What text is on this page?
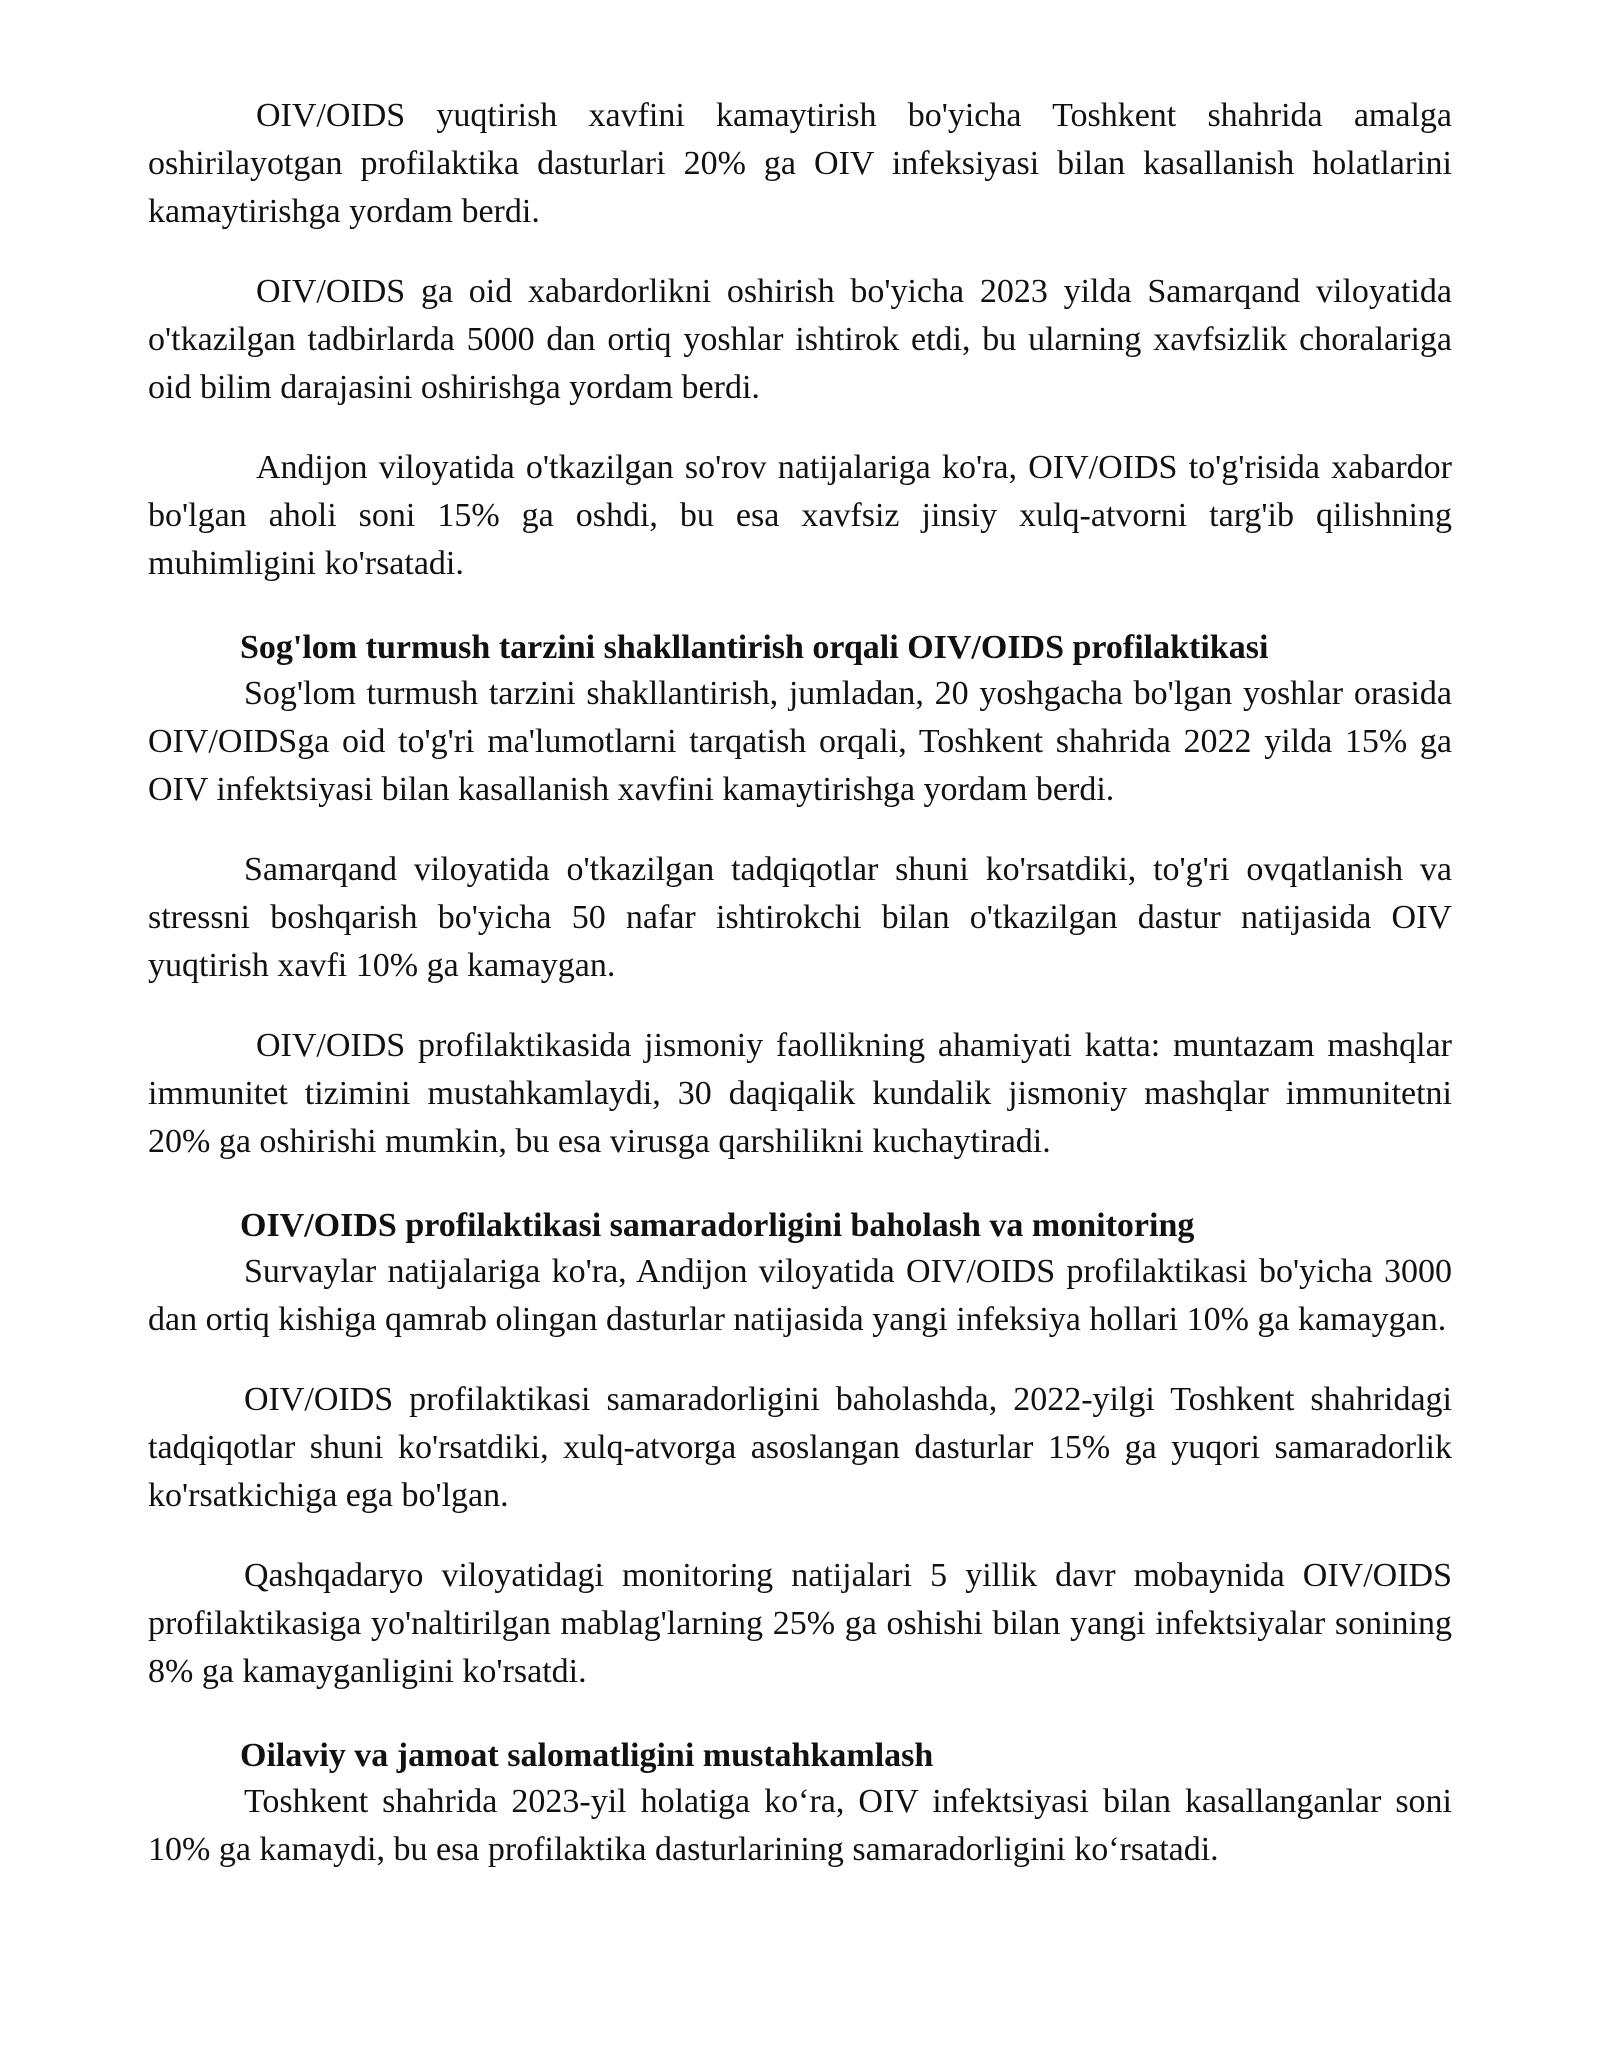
OIV/OIDS yuqtirish xavfini kamaytirish bo'yicha Toshkent shahrida amalga oshirilayotgan profilaktika dasturlari 20% ga OIV infeksiyasi bilan kasallanish holatlarini kamaytirishga yordam berdi.

OIV/OIDS ga oid xabardorlikni oshirish bo'yicha 2023 yilda Samarqand viloyatida o'tkazilgan tadbirlarda 5000 dan ortiq yoshlar ishtirok etdi, bu ularning xavfsizlik choralariga oid bilim darajasini oshirishga yordam berdi.

Andijon viloyatida o'tkazilgan so'rov natijalariga ko'ra, OIV/OIDS to'g'risida xabardor bo'lgan aholi soni 15% ga oshdi, bu esa xavfsiz jinsiy xulq-atvorni targ'ib qilishning muhimligini ko'rsatadi.

Sog'lom turmush tarzini shakllantirish orqali OIV/OIDS profilaktikasi

Sog'lom turmush tarzini shakllantirish, jumladan, 20 yoshgacha bo'lgan yoshlar orasida OIV/OIDSga oid to'g'ri ma'lumotlarni tarqatish orqali, Toshkent shahrida 2022 yilda 15% ga OIV infektsiyasi bilan kasallanish xavfini kamaytirishga yordam berdi.

Samarqand viloyatida o'tkazilgan tadqiqotlar shuni ko'rsatdiki, to'g'ri ovqatlanish va stressni boshqarish bo'yicha 50 nafar ishtirokchi bilan o'tkazilgan dastur natijasida OIV yuqtirish xavfi 10% ga kamaygan.

OIV/OIDS profilaktikasida jismoniy faollikning ahamiyati katta: muntazam mashqlar immunitet tizimini mustahkamlaydi, 30 daqiqalik kundalik jismoniy mashqlar immunitetni 20% ga oshirishi mumkin, bu esa virusga qarshilikni kuchaytiradi.

OIV/OIDS profilaktikasi samaradorligini baholash va monitoring

Survaylar natijalariga ko'ra, Andijon viloyatida OIV/OIDS profilaktikasi bo'yicha 3000 dan ortiq kishiga qamrab olingan dasturlar natijasida yangi infeksiya hollari 10% ga kamaygan.

OIV/OIDS profilaktikasi samaradorligini baholashda, 2022-yilgi Toshkent shahridagi tadqiqotlar shuni ko'rsatdiki, xulq-atvorga asoslangan dasturlar 15% ga yuqori samaradorlik ko'rsatkichiga ega bo'lgan.

Qashqadaryo viloyatidagi monitoring natijalari 5 yillik davr mobaynida OIV/OIDS profilaktikasiga yo'naltirilgan mablag'larning 25% ga oshishi bilan yangi infektsiyalar sonining 8% ga kamayganligini ko'rsatdi.

Oilaviy va jamoat salomatligini mustahkamlash

Toshkent shahrida 2023-yil holatiga ko‘ra, OIV infektsiyasi bilan kasallanganlar soni 10% ga kamaydi, bu esa profilaktika dasturlarining samaradorligini ko‘rsatadi.
